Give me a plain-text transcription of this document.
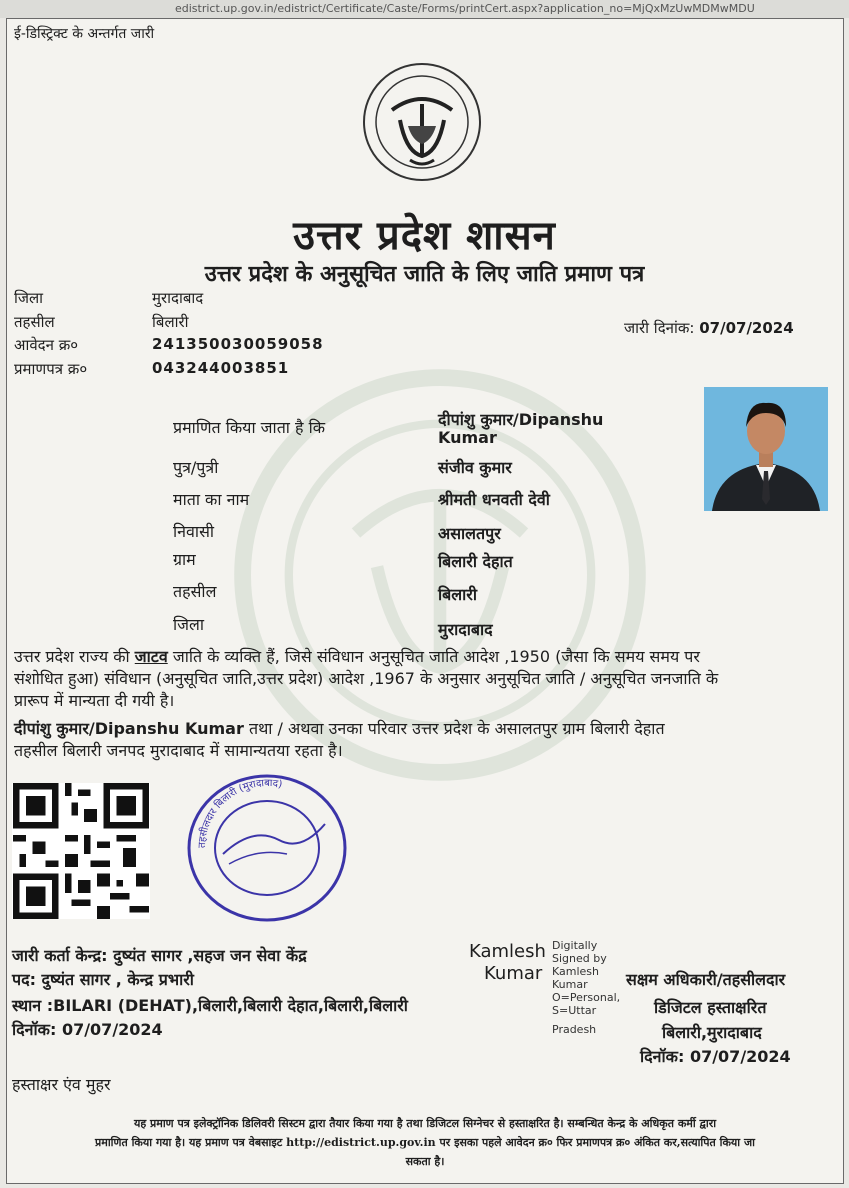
edistrict.up.gov.in/edistrict/Certificate/Caste/Forms/printCert.aspx?application_no=MjQxMzUwMDMwMDU
ई-डिस्ट्रिक्ट के अन्तर्गत जारी
उत्तर प्रदेश शासन
उत्तर प्रदेश के अनुसूचित जाति के लिए जाति प्रमाण पत्र
जिला	मुरादाबाद
तहसील	बिलारी
आवेदन क्र०	241350030059058
प्रमाणपत्र क्र०	043244003851
जारी दिनांक: 07/07/2024
प्रमाणित किया जाता है कि	दीपांशु कुमार/Dipanshu
Kumar
पुत्र/पुत्री	संजीव कुमार
माता का नाम	श्रीमती धनवती देवी
निवासी	असालतपुर
ग्राम	बिलारी देहात
तहसील	बिलारी
जिला	मुरादाबाद
उत्तर प्रदेश राज्य की जाटव जाति के व्यक्ति हैं, जिसे संविधान अनुसूचित जाति आदेश ,1950 (जैसा कि समय समय पर
संशोधित हुआ) संविधान (अनुसूचित जाति,उत्तर प्रदेश) आदेश ,1967 के अनुसार अनुसूचित जाति / अनुसूचित जनजाति के
प्रारूप में मान्यता दी गयी है।
दीपांशु कुमार/Dipanshu Kumar तथा / अथवा उनका परिवार उत्तर प्रदेश के असालतपुर ग्राम बिलारी देहात
तहसील बिलारी जनपद मुरादाबाद में सामान्यतया रहता है।
तहसीलदार बिलारी (मुरादाबाद)
जारी कर्ता केन्द्र: दुष्यंत सागर ,सहज जन सेवा केंद्र
पद: दुष्यंत सागर , केन्द्र प्रभारी
स्थान :BILARI (DEHAT),बिलारी,बिलारी देहात,बिलारी,बिलारी
दिनॉक: 07/07/2024
हस्ताक्षर एंव मुहर
Kamlesh
Kumar
Digitally
Signed by
Kamlesh
Kumar
O=Personal,
S=Uttar
Pradesh
सक्षम अधिकारी/तहसीलदार
डिजिटल हस्ताक्षरित
बिलारी,मुरादाबाद
दिनॉक: 07/07/2024
यह प्रमाण पत्र इलेक्ट्रॉनिक डिलिवरी सिस्टम द्वारा तैयार किया गया है तथा डिजिटल सिग्नेचर से हस्ताक्षरित है। सम्बन्धित केन्द्र के अधिकृत कर्मी द्वारा
प्रमाणित किया गया है। यह प्रमाण पत्र वेबसाइट http://edistrict.up.gov.in पर इसका पहले आवेदन क्र० फिर प्रमाणपत्र क्र० अंकित कर,सत्यापित किया जा
सकता है।
